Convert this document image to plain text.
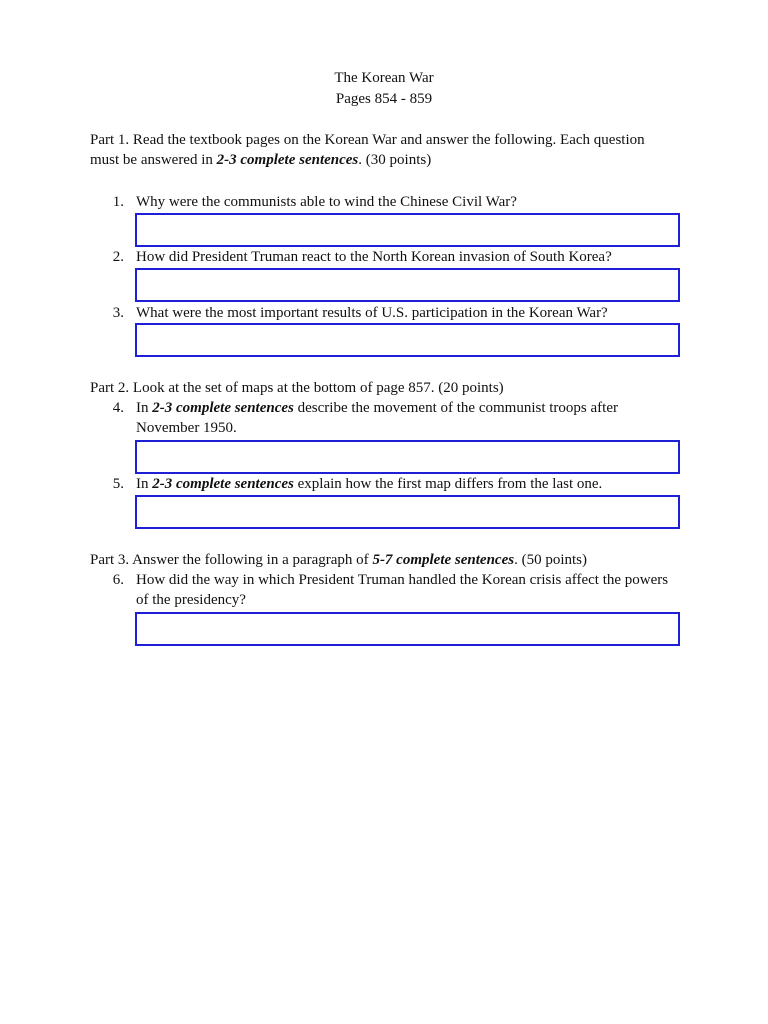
The Korean War
Pages 854 - 859
Part 1. Read the textbook pages on the Korean War and answer the following. Each question
must be answered in 2-3 complete sentences. (30 points)
1. Why were the communists able to wind the Chinese Civil War?
2. How did President Truman react to the North Korean invasion of South Korea?
3. What were the most important results of U.S. participation in the Korean War?
Part 2. Look at the set of maps at the bottom of page 857. (20 points)
4. In 2-3 complete sentences describe the movement of the communist troops after
November 1950.
5. In 2-3 complete sentences explain how the first map differs from the last one.
Part 3. Answer the following in a paragraph of 5-7 complete sentences. (50 points)
6. How did the way in which President Truman handled the Korean crisis affect the powers
of the presidency?
